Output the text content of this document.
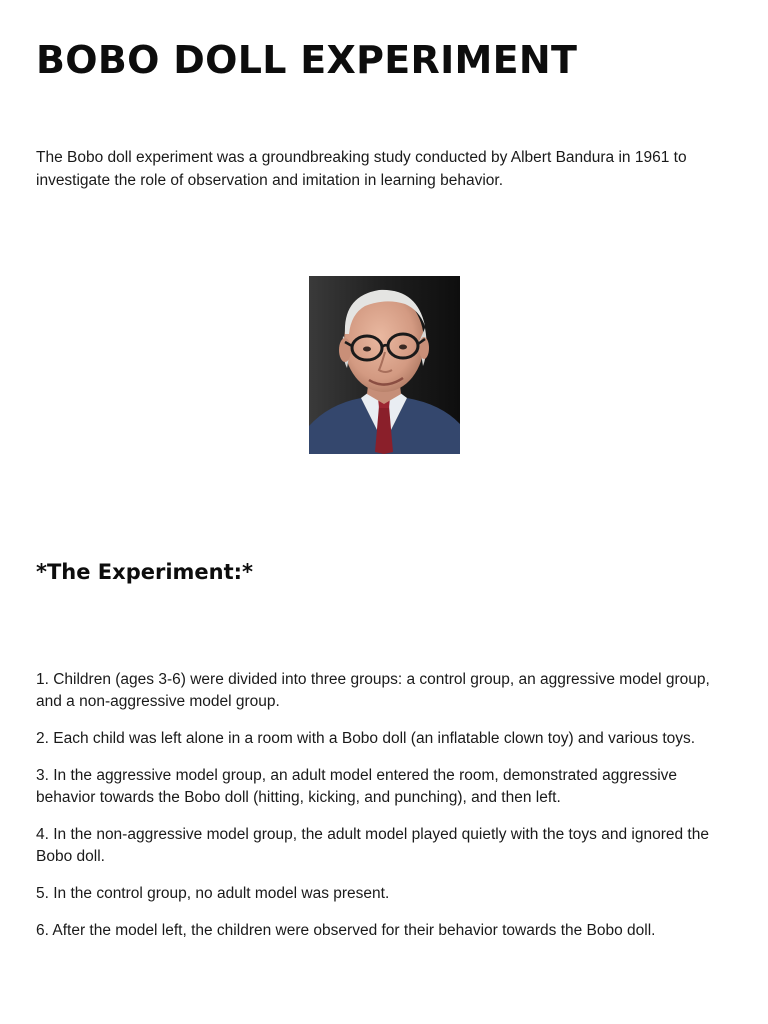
BOBO DOLL EXPERIMENT

The Bobo doll experiment was a groundbreaking study conducted by Albert Bandura in 1961 to investigate the role of observation and imitation in learning behavior.

*The Experiment:*
1. Children (ages 3-6) were divided into three groups: a control group, an aggressive model group, and a non-aggressive model group.
2. Each child was left alone in a room with a Bobo doll (an inflatable clown toy) and various toys.
3. In the aggressive model group, an adult model entered the room, demonstrated aggressive behavior towards the Bobo doll (hitting, kicking, and punching), and then left.
4. In the non-aggressive model group, the adult model played quietly with the toys and ignored the Bobo doll.
5. In the control group, no adult model was present.
6. After the model left, the children were observed for their behavior towards the Bobo doll.
